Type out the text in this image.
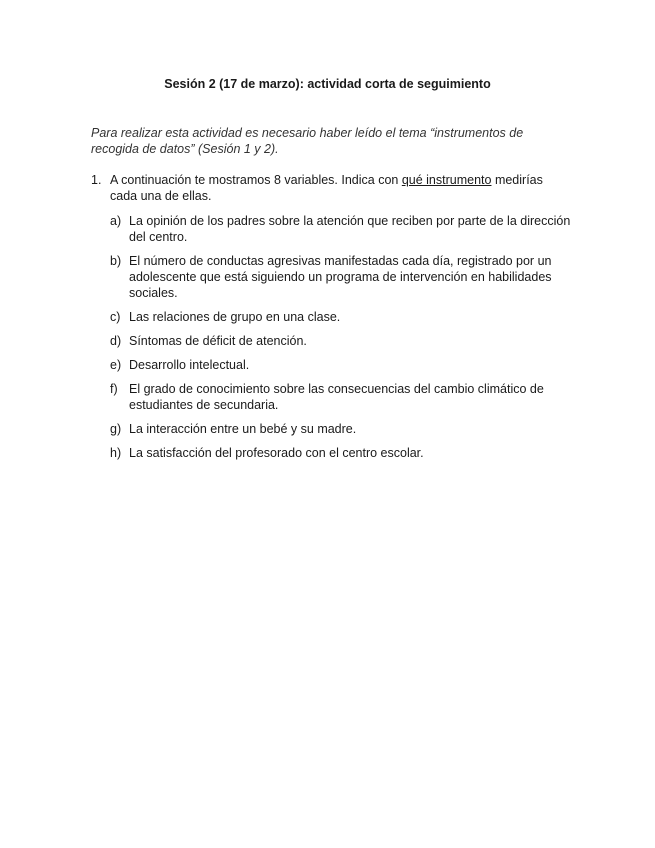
Sesión 2 (17 de marzo): actividad corta de seguimiento

Para realizar esta actividad es necesario haber leído el tema “instrumentos de recogida de datos” (Sesión 1 y 2).

1. A continuación te mostramos 8 variables. Indica con qué instrumento medirías cada una de ellas.
a) La opinión de los padres sobre la atención que reciben por parte de la dirección del centro.
b) El número de conductas agresivas manifestadas cada día, registrado por un adolescente que está siguiendo un programa de intervención en habilidades sociales.
c) Las relaciones de grupo en una clase.
d) Síntomas de déficit de atención.
e) Desarrollo intelectual.
f) El grado de conocimiento sobre las consecuencias del cambio climático de estudiantes de secundaria.
g) La interacción entre un bebé y su madre.
h) La satisfacción del profesorado con el centro escolar.
